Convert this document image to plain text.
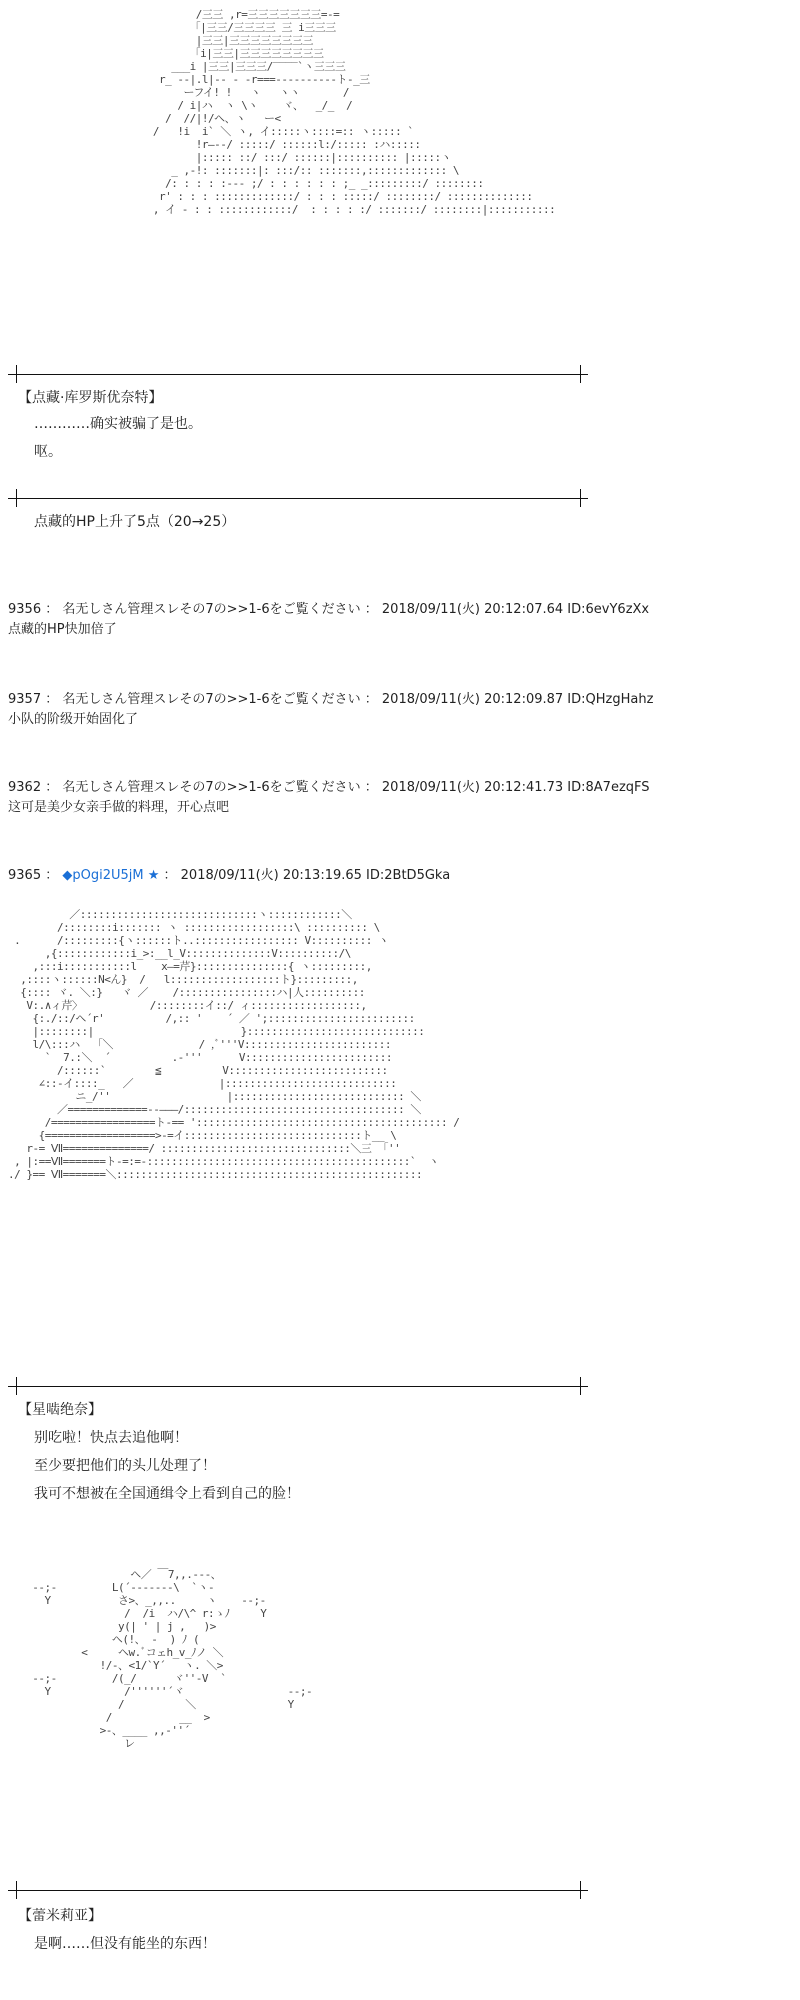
/三三 ,r=三三三三三三三=-=
「|三三/三三三三 三 i三三三
|三三|三三三三三三三三
「i|三三|三三三三三三三三
___i |三三|三三三/‾‾‾‾`ヽ三三三
r_ -‐|.l|-- - -r===----------ト-_三
ーフイ! !   ヽ   ヽヽ       /
/ i|ハ  ヽ \ヽ    ヾ、  _/_  /
/  //|!/ヘ、ヽ   ー<
/   !i  i` ＼ ヽ, イ:::::ヽ::::=:: ヽ::::: `
!r―--/ :::::/ ::::::l:/::::: :ハ:::::
|::::: ::/ :::/ ::::::|:::::::::: |:::::ヽ
_ ,-!: :::::::|: :::/:: :::::::,::::::::::::: \
/: : : : :‐‐- ;/ : : : : : : ;_ _:::::::::/ ::::::::
r' : : : :::::::::::::/ : : : :::::/ ::::::::/ ::::::::::::::
, イ ‐ : : ::::::::::::/  : : : : :/ :::::::/ ::::::::|:::::::::::
【点藏·库罗斯优奈特】
…………确实被骗了是也。
呕。
点藏的HP上升了5点（20→25）
9356 ： 名无しさん管理スレその7の>>1-6をご覧ください ： 2018/09/11(火) 20:12:07.64 ID:6evY6zXx
点藏的HP快加倍了
9357 ： 名无しさん管理スレその7の>>1-6をご覧ください ： 2018/09/11(火) 20:12:09.87 ID:QHzgHahz
小队的阶级开始固化了
9362 ： 名无しさん管理スレその7の>>1-6をご覧ください ： 2018/09/11(火) 20:12:41.73 ID:8A7ezqFS
这可是美少女亲手做的料理，开心点吧
9365 ： ◆pOgi2U5jM ★ ： 2018/09/11(火) 20:13:19.65 ID:2BtD5Gka
／:::::::::::::::::::::::::::::ヽ::::::::::::＼
/::::::::i::::::: ヽ ::::::::::::::::::\ :::::::::: \
.      /:::::::::{ヽ::::::ト..::::::::::::::::: V:::::::::: ヽ
,{::::::::::::i_>:__l_V::::::::::::::V::::::::::/\
,:::i:::::::::::l    x―=芹}:::::::::::::::{ ヽ:::::::::,
,::::ヽ::::::N<ん}  /   l::::::::::::::::::ト}:::::::::,
{:::: ヾ. ＼:}   ヾ ／    /::::::::::::::::ハ|人::::::::::
V:.∧ィ芹〉           /::::::::イ::/ ィ::::::::::::::::::,
{:./::/ヘ´r'          /,:: '    ´ ／ ';::::::::::::::::::::::::
|::::::::|                        }:::::::::::::::::::::::::::::
l/\:::ハ  「＼              / ,ﾞ'''V::::::::::::::::::::::::
`  7.:＼  ´          .-'''      V::::::::::::::::::::::::
/::::::`        ≦          V::::::::::::::::::::::::::
∠::-イ::::_   ／              |::::::::::::::::::::::::::::
ニ_/''                   |:::::::::::::::::::::::::::: ＼
／=============--―――/:::::::::::::::::::::::::::::::::::: ＼
/=================ト-== '::::::::::::::::::::::::::::::::::::::::: /
{==================>-=イ:::::::::::::::::::::::::::::ト__ \
r-= Ⅶ==============/ :::::::::::::::::::::::::::::::＼三 「''
, |:==Ⅶ=======ト-=:=-:::::::::::::::::::::::::::::::::::::::::::`  ヽ
./ }== Ⅶ=======＼::::::::::::::::::::::::::::::::::::::::::::::::::
【星啮绝奈】
别吃啦！快点去追他啊！
至少要把他们的头儿处理了！
我可不想被在全国通缉令上看到自己的脸！
ヘ／ ￣7,,.---、
-‐;-         L(´‐‐‐‐‐‐‐\  `ヽ-
Y           さ>、_,,..     ヽ    -‐;-
/  /i  ハ/\^ r:ゝﾉ     Y
y(| ' | j ,   )>
ヘ(!、 -  ) ﾉ (
<     ヘw.ﾞコェh_v_ﾉノ ＼
!/-、<1/`Y´   ヽ. ＼>
-‐;-         /(_/      ヾ''-V  `
Y            /''''''´ヾ                 -‐;-
/          ＼               Y
/           __  >
>-、____ ,,-''´
レ
【蕾米莉亚】
是啊……但没有能坐的东西！
